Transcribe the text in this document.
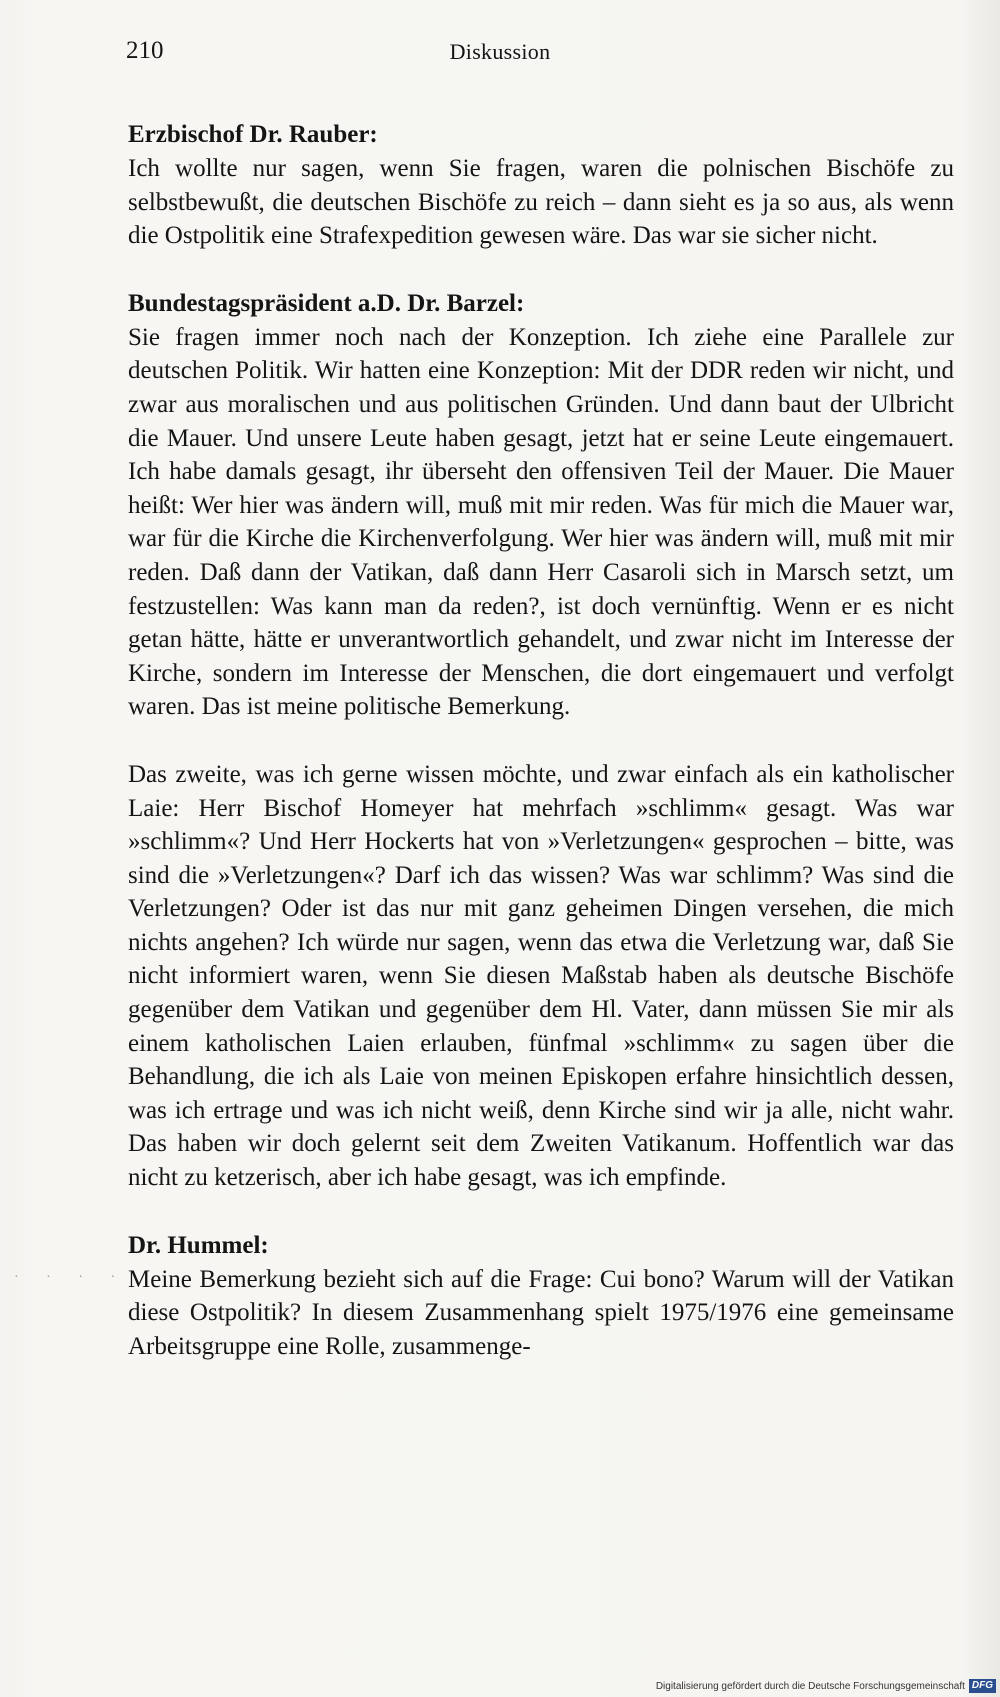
210	Diskussion
Erzbischof Dr. Rauber:

Ich wollte nur sagen, wenn Sie fragen, waren die polnischen Bischöfe zu selbstbewußt, die deutschen Bischöfe zu reich – dann sieht es ja so aus, als wenn die Ostpolitik eine Strafexpedition gewesen wäre. Das war sie sicher nicht.

Bundestagspräsident a.D. Dr. Barzel:

Sie fragen immer noch nach der Konzeption. Ich ziehe eine Parallele zur deutschen Politik. Wir hatten eine Konzeption: Mit der DDR reden wir nicht, und zwar aus moralischen und aus politischen Gründen. Und dann baut der Ulbricht die Mauer. Und unsere Leute haben gesagt, jetzt hat er seine Leute eingemauert. Ich habe damals gesagt, ihr überseht den offensiven Teil der Mauer. Die Mauer heißt: Wer hier was ändern will, muß mit mir reden. Was für mich die Mauer war, war für die Kirche die Kirchenverfolgung. Wer hier was ändern will, muß mit mir reden. Daß dann der Vatikan, daß dann Herr Casaroli sich in Marsch setzt, um festzustellen: Was kann man da reden?, ist doch vernünftig. Wenn er es nicht getan hätte, hätte er unverantwortlich gehandelt, und zwar nicht im Interesse der Kirche, sondern im Interesse der Menschen, die dort eingemauert und verfolgt waren. Das ist meine politische Bemerkung.

Das zweite, was ich gerne wissen möchte, und zwar einfach als ein katholischer Laie: Herr Bischof Homeyer hat mehrfach »schlimm« gesagt. Was war »schlimm«? Und Herr Hockerts hat von »Verletzungen« gesprochen – bitte, was sind die »Verletzungen«? Darf ich das wissen? Was war schlimm? Was sind die Verletzungen? Oder ist das nur mit ganz geheimen Dingen versehen, die mich nichts angehen? Ich würde nur sagen, wenn das etwa die Verletzung war, daß Sie nicht informiert waren, wenn Sie diesen Maßstab haben als deutsche Bischöfe gegenüber dem Vatikan und gegenüber dem Hl. Vater, dann müssen Sie mir als einem katholischen Laien erlauben, fünfmal »schlimm« zu sagen über die Behandlung, die ich als Laie von meinen Episkopen erfahre hinsichtlich dessen, was ich ertrage und was ich nicht weiß, denn Kirche sind wir ja alle, nicht wahr. Das haben wir doch gelernt seit dem Zweiten Vatikanum. Hoffentlich war das nicht zu ketzerisch, aber ich habe gesagt, was ich empfinde.

Dr. Hummel:

Meine Bemerkung bezieht sich auf die Frage: Cui bono? Warum will der Vatikan diese Ostpolitik? In diesem Zusammenhang spielt 1975/1976 eine gemeinsame Arbeitsgruppe eine Rolle, zusammenge-

· · · ·
Digitalisierung gefördert durch die Deutsche Forschungsgemeinschaft DFG
